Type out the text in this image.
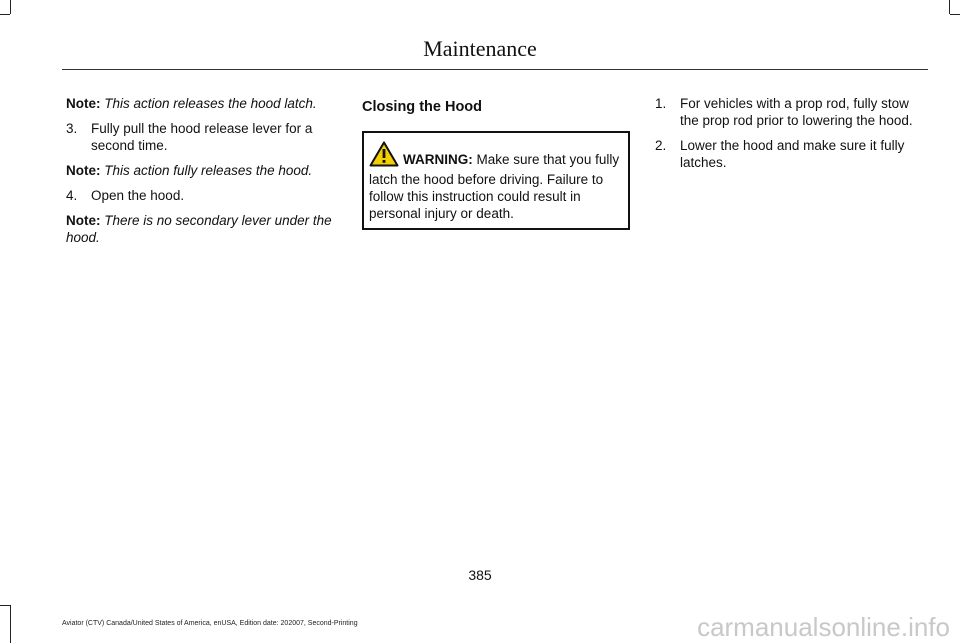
Maintenance

Note: This action releases the hood latch.

3.	Fully pull the hood release lever for a second time.

Note: This action fully releases the hood.

4.	Open the hood.

Note: There is no secondary lever under the hood.

Closing the Hood
WARNING: Make sure that you fully latch the hood before driving. Failure to follow this instruction could result in personal injury or death.
1.	For vehicles with a prop rod, fully stow the prop rod prior to lowering the hood.
2.	Lower the hood and make sure it fully latches.
385
Aviator (CTV) Canada/United States of America, enUSA, Edition date: 202007, Second-Printing	carmanualsonline.info
